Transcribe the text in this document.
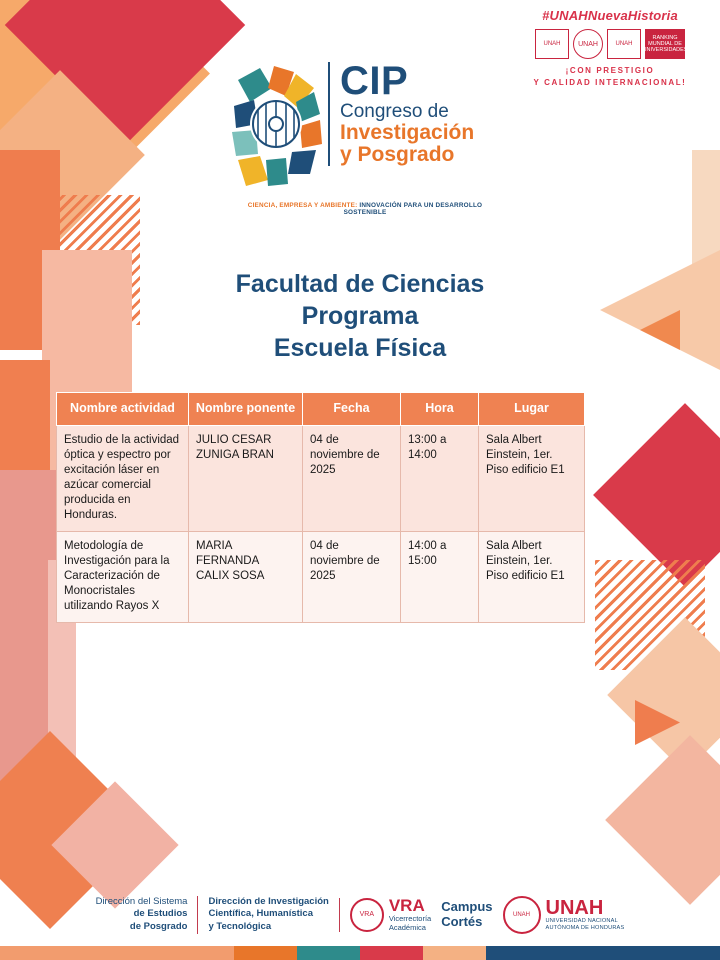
#UNAHNuevaHistoria
UNAH	UNAH	UNAH
RANKING MUNDIAL DE UNIVERSIDADES
¡CON PRESTIGIO
Y CALIDAD INTERNACIONAL!
CIP
Congreso de
Investigación
y Posgrado
CIENCIA, EMPRESA Y AMBIENTE: INNOVACIÓN PARA UN DESARROLLO SOSTENIBLE
Facultad de Ciencias
Programa
Escuela Física
Nombre actividad	Nombre ponente	Fecha	Hora	Lugar
Estudio de la actividad óptica y espectro por excitación láser en azúcar comercial producida en Honduras.	JULIO CESAR ZUNIGA BRAN	04 de noviembre de 2025	13:00 a 14:00	Sala Albert Einstein, 1er. Piso edificio E1
Metodología de Investigación para la Caracterización de Monocristales utilizando Rayos X	MARIA FERNANDA CALIX SOSA	04 de noviembre de 2025	14:00 a 15:00	Sala Albert Einstein, 1er. Piso edificio E1
Dirección del Sistema
de Estudios
de Posgrado
Dirección de Investigación
Científica, Humanística
y Tecnológica
VRA VRA
Vicerrectoría
Académica
Campus
Cortés	UNAH UNAH
UNIVERSIDAD NACIONAL
AUTÓNOMA DE HONDURAS
